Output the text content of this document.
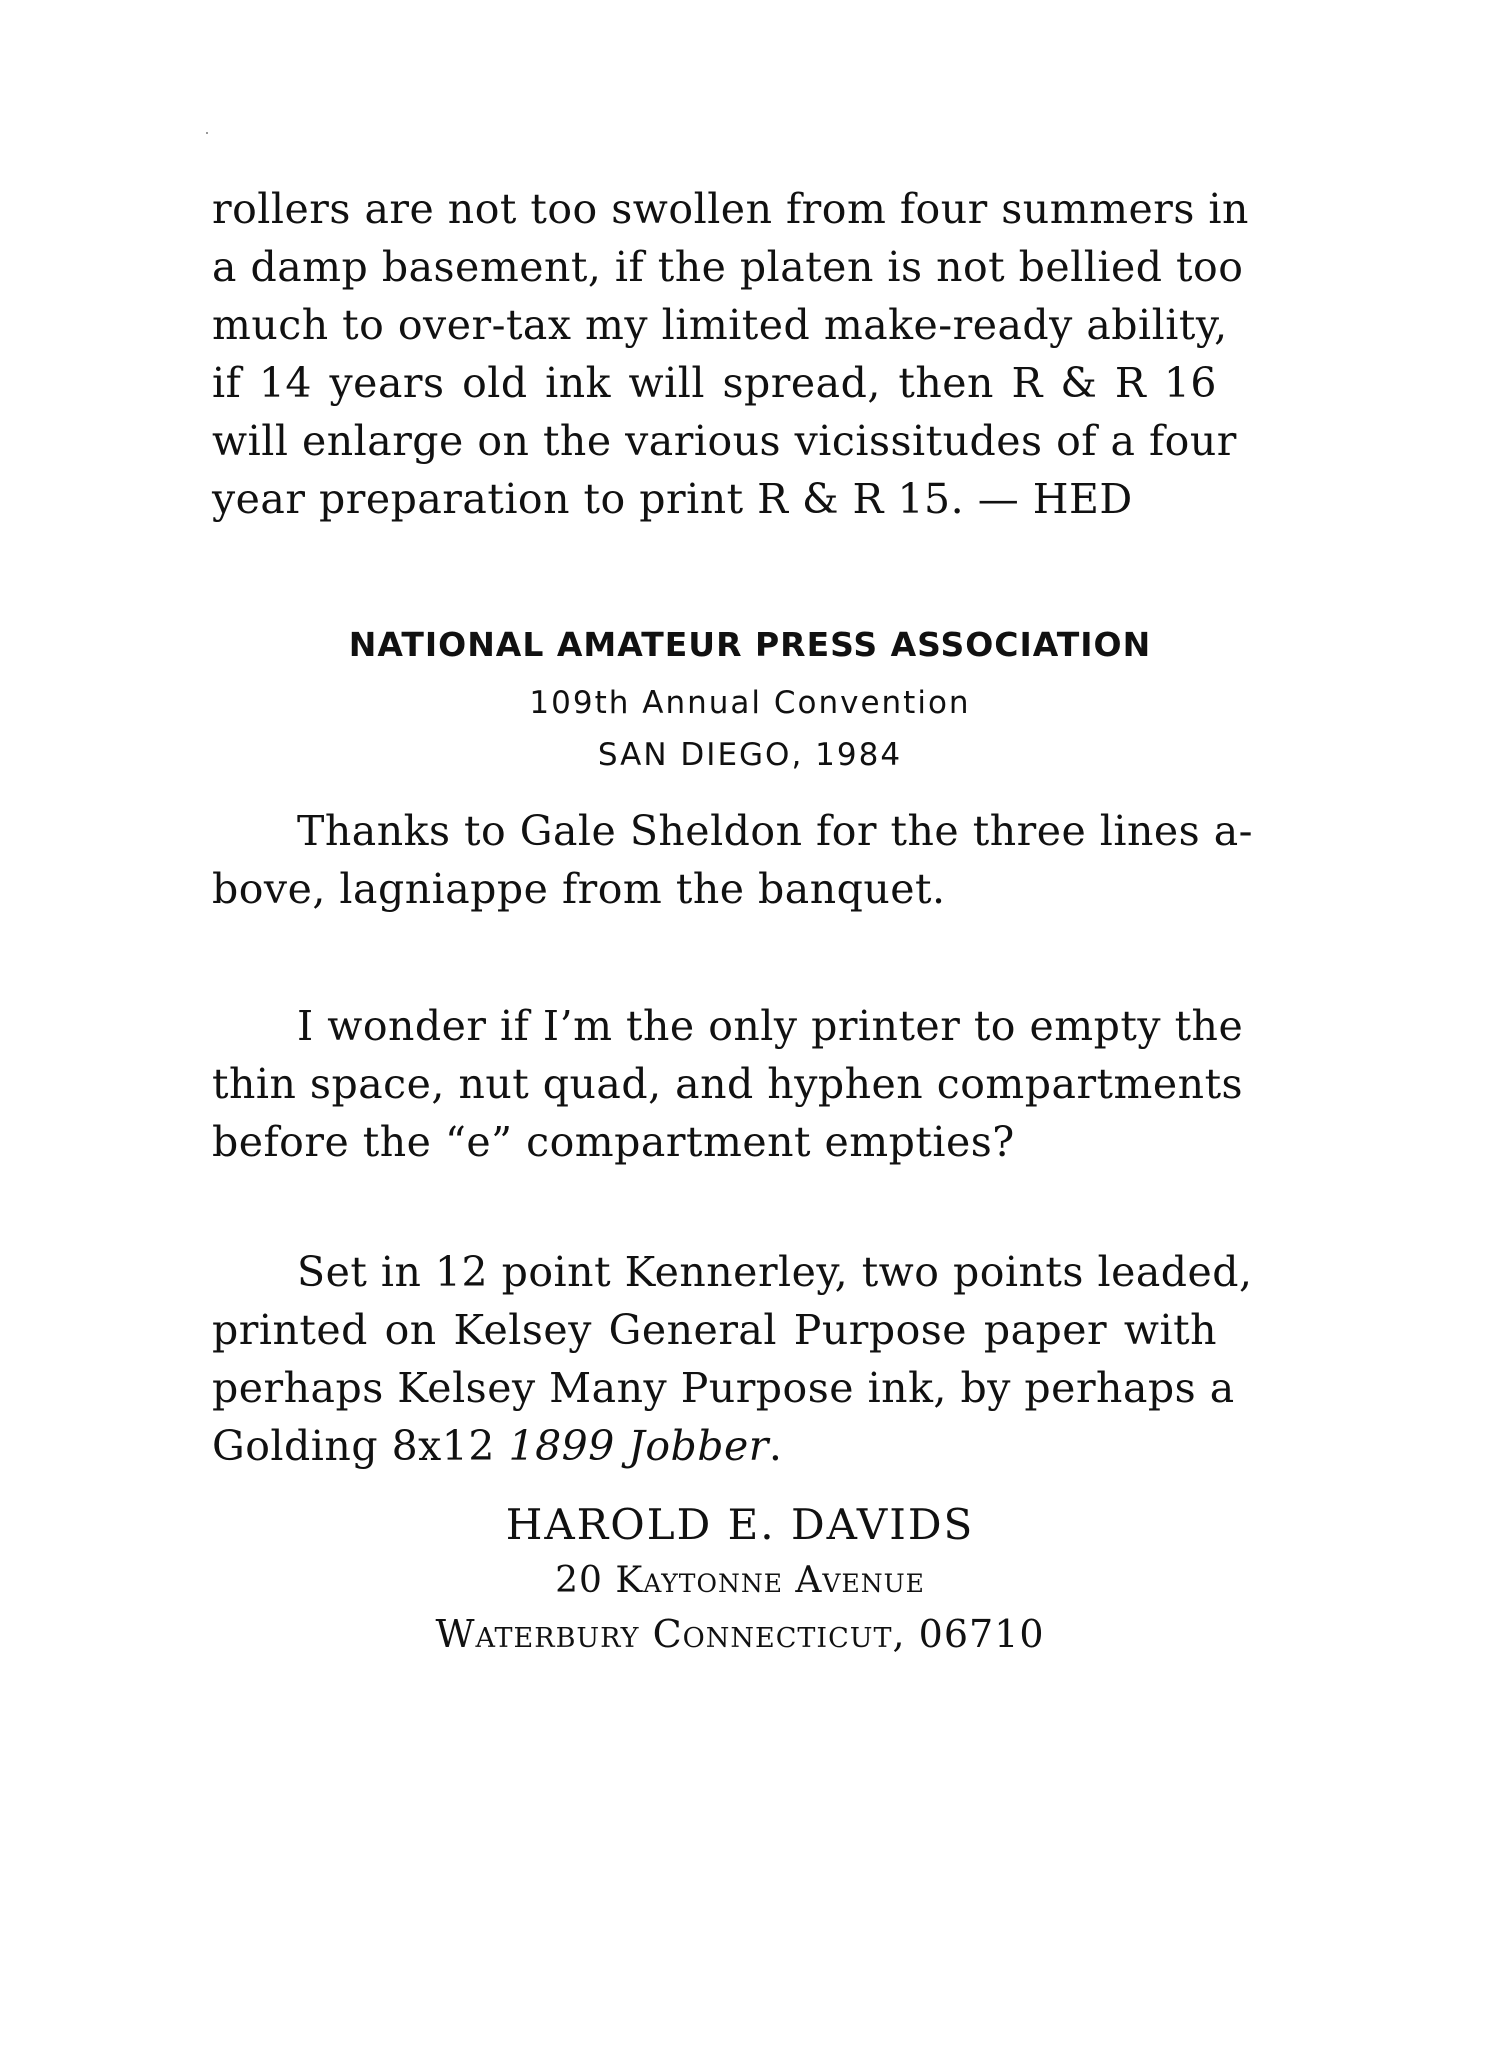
rollers are not too swollen from four summers in
a damp basement, if the platen is not bellied too
much to over-tax my limited make-ready ability,
if 14 years old ink will spread, then R & R 16
will enlarge on the various vicissitudes of a four
year preparation to print R & R 15. — HED
NATIONAL AMATEUR PRESS ASSOCIATION
109th Annual Convention
SAN DIEGO, 1984
Thanks to Gale Sheldon for the three lines a-
bove, lagniappe from the banquet.
I wonder if I’m the only printer to empty the
thin space, nut quad, and hyphen compartments
before the “e” compartment empties?
Set in 12 point Kennerley, two points leaded,
printed on Kelsey General Purpose paper with
perhaps Kelsey Many Purpose ink, by perhaps a
Golding 8x12 1899 Jobber.
HAROLD E. DAVIDS
20 Kaytonne Avenue
Waterbury Connecticut, 06710
